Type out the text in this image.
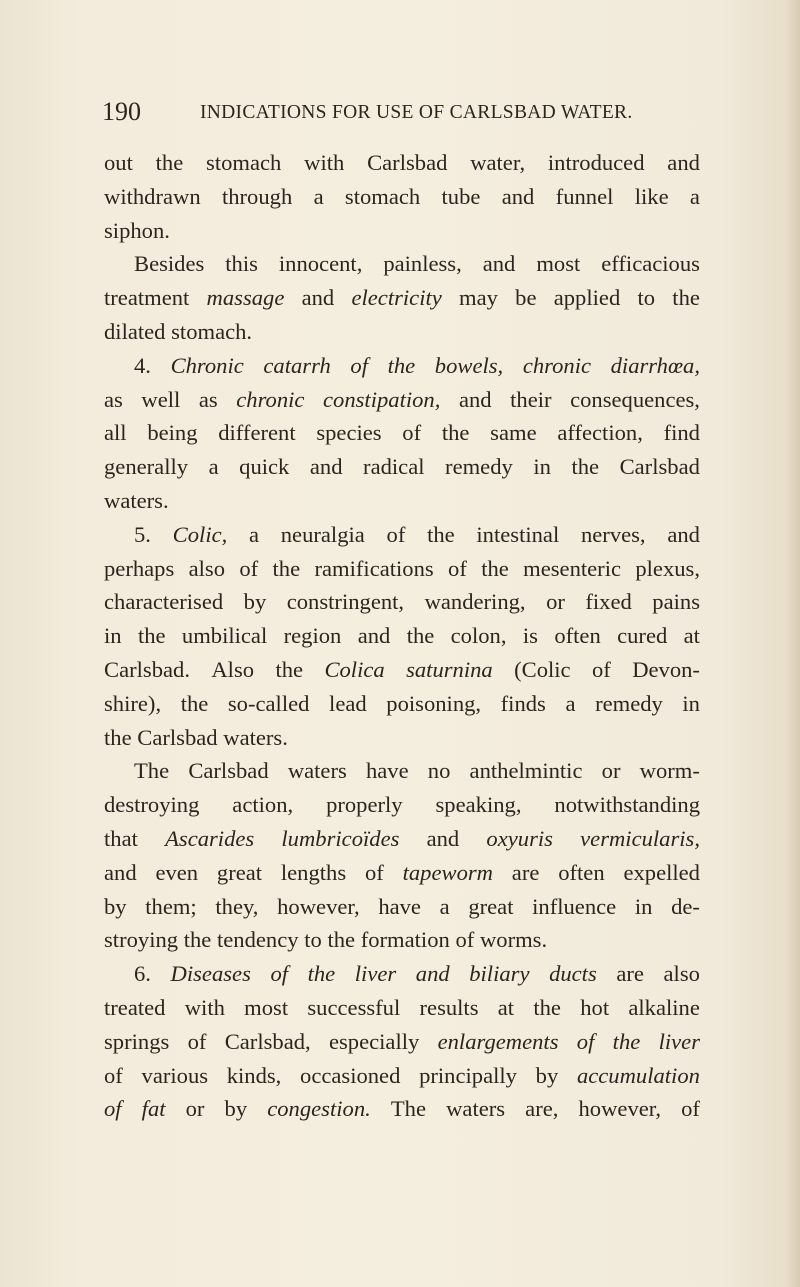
190	INDICATIONS FOR USE OF CARLSBAD WATER.
out the stomach with Carlsbad water, introduced and
withdrawn through a stomach tube and funnel like a
siphon.
Besides this innocent, painless, and most efficacious
treatment massage and electricity may be applied to the
dilated
stomach.
4. Chronic catarrh of the bowels, chronic diarrhœa,
as well as chronic constipation, and their consequences,
all being different species of the same affection, find
generally a quick and radical remedy in the Carlsbad
waters.
5. Colic, a neuralgia of the intestinal nerves, and
perhaps also of the ramifications of the mesenteric plexus,
characterised by constringent, wandering, or fixed pains
in the umbilical region and the colon, is often cured at
Carlsbad. Also the Colica saturnina (Colic of Devon-
shire), the so-called lead poisoning, finds a remedy in
the
Carlsbad
waters.
The Carlsbad waters have no anthelmintic or worm-
destroying action, properly speaking, notwithstanding
that Ascarides lumbricoïdes and oxyuris vermicularis,
and even great lengths of tapeworm are often expelled
by them; they, however, have a great influence in de-
stroying
the
tendency
to
the
formation
of
worms.
6. Diseases of the liver and biliary ducts are also
treated with most successful results at the hot alkaline
springs of Carlsbad, especially enlargements of the liver
of various kinds, occasioned principally by accumulation
of fat or by congestion. The waters are, however, of
